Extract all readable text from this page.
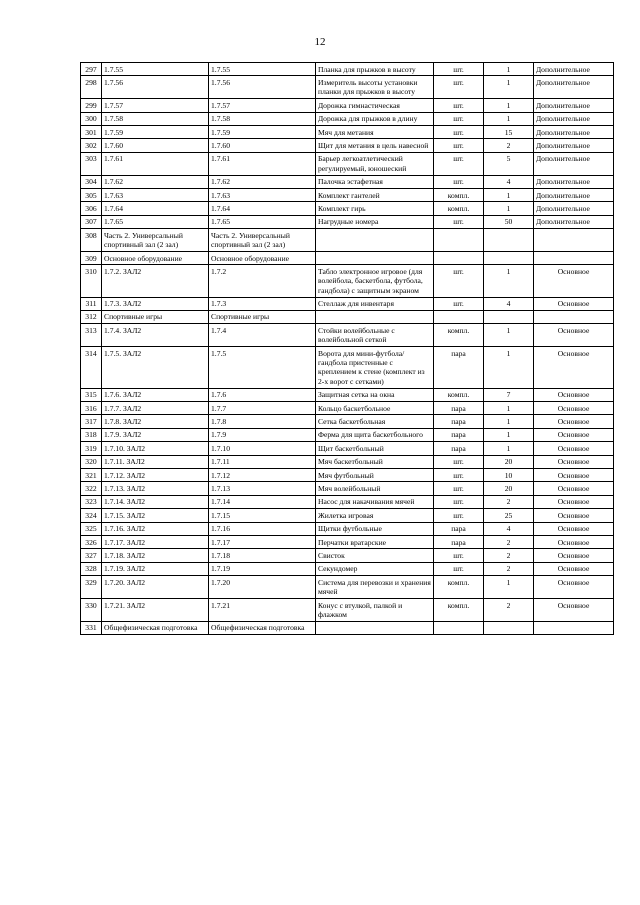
12
297	1.7.55	1.7.55	Планка для прыжков в высоту	шт.	1	Дополнительное
298	1.7.56	1.7.56	Измеритель высоты установки планки для прыжков в высоту	шт.	1	Дополнительное
299	1.7.57	1.7.57	Дорожка гимнастическая	шт.	1	Дополнительное
300	1.7.58	1.7.58	Дорожка для прыжков в длину	шт.	1	Дополнительное
301	1.7.59	1.7.59	Мяч для метания	шт.	15	Дополнительное
302	1.7.60	1.7.60	Щит для метания в цель навесной	шт.	2	Дополнительное
303	1.7.61	1.7.61	Барьер легкоатлетический регулируемый, юношеский	шт.	5	Дополнительное
304	1.7.62	1.7.62	Палочка эстафетная	шт.	4	Дополнительное
305	1.7.63	1.7.63	Комплект гантелей	компл.	1	Дополнительное
306	1.7.64	1.7.64	Комплект гирь	компл.	1	Дополнительное
307	1.7.65	1.7.65	Нагрудные номера	шт.	50	Дополнительное
308	Часть 2. Универсальный спортивный зал (2 зал)	Часть 2. Универсальный спортивный зал (2 зал)				
309	Основное оборудование	Основное оборудование				
310	1.7.2. ЗАЛ2	1.7.2	Табло электронное игровое (для волейбола, баскетбола, футбола, гандбола) с защитным экраном	шт.	1	Основное
311	1.7.3. ЗАЛ2	1.7.3	Стеллаж для инвентаря	шт.	4	Основное
312	Спортивные игры	Спортивные игры				
313	1.7.4. ЗАЛ2	1.7.4	Стойки волейбольные с волейбольной сеткой	компл.	1	Основное
314	1.7.5. ЗАЛ2	1.7.5	Ворота для мини-футбола/гандбола пристенные с креплением к стене (комплект из 2-х ворот с сетками)	пара	1	Основное
315	1.7.6. ЗАЛ2	1.7.6	Защитная сетка на окна	компл.	7	Основное
316	1.7.7. ЗАЛ2	1.7.7	Кольцо баскетбольное	пара	1	Основное
317	1.7.8. ЗАЛ2	1.7.8	Сетка баскетбольная	пара	1	Основное
318	1.7.9. ЗАЛ2	1.7.9	Ферма для щита баскетбольного	пара	1	Основное
319	1.7.10. ЗАЛ2	1.7.10	Щит баскетбольный	пара	1	Основное
320	1.7.11. ЗАЛ2	1.7.11	Мяч баскетбольный	шт.	20	Основное
321	1.7.12. ЗАЛ2	1.7.12	Мяч футбольный	шт.	10	Основное
322	1.7.13. ЗАЛ2	1.7.13	Мяч волейбольный	шт.	20	Основное
323	1.7.14. ЗАЛ2	1.7.14	Насос для накачивания мячей	шт.	2	Основное
324	1.7.15. ЗАЛ2	1.7.15	Жилетка игровая	шт.	25	Основное
325	1.7.16. ЗАЛ2	1.7.16	Щитки футбольные	пара	4	Основное
326	1.7.17. ЗАЛ2	1.7.17	Перчатки вратарские	пара	2	Основное
327	1.7.18. ЗАЛ2	1.7.18	Свисток	шт.	2	Основное
328	1.7.19. ЗАЛ2	1.7.19	Секундомер	шт.	2	Основное
329	1.7.20. ЗАЛ2	1.7.20	Система для перевозки и хранения мячей	компл.	1	Основное
330	1.7.21. ЗАЛ2	1.7.21	Конус с втулкой, палкой и флажком	компл.	2	Основное
331	Общефизическая подготовка	Общефизическая подготовка				
